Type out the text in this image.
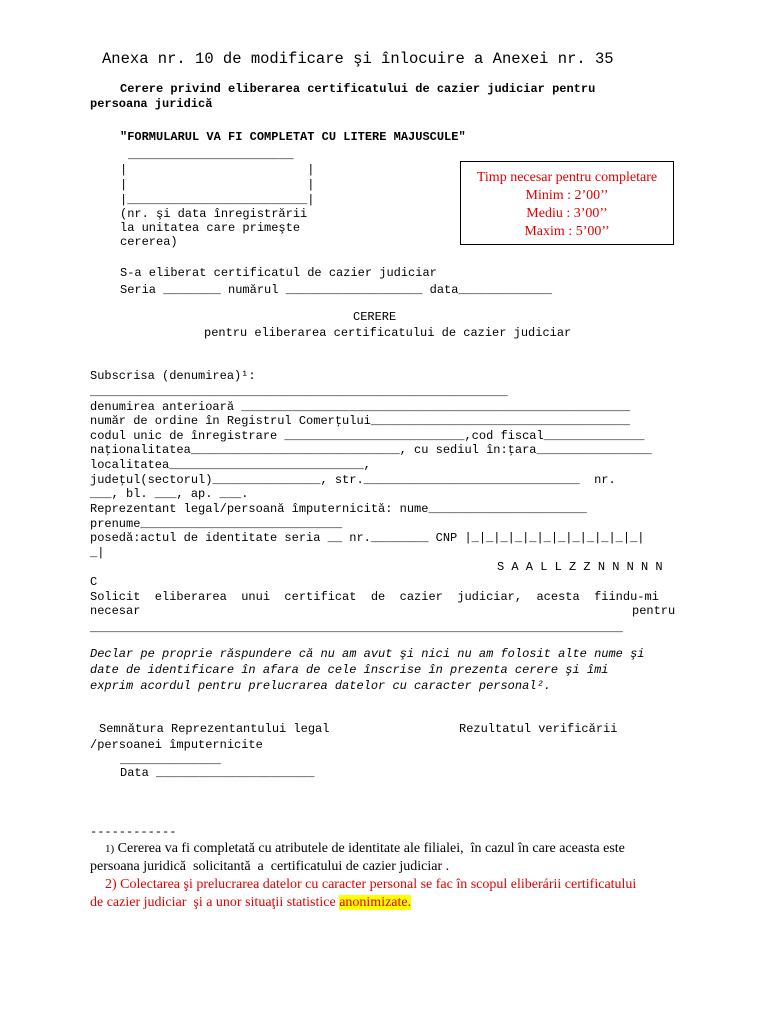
Anexa nr. 10 de modificare şi înlocuire a Anexei nr. 35
Cerere privind eliberarea certificatului de cazier judiciar pentru
persoana juridică
"FORMULARUL VA FI COMPLETAT CU LITERE MAJUSCULE"
_______________________
|                         |
|                         |
|_________________________|
(nr. şi data înregistrării
la unitatea care primeşte
cererea)
Timp necesar pentru completare
Minim : 2’00’’
Mediu : 3’00’’
Maxim : 5’00’’
S-a eliberat certificatul de cazier judiciar
Seria ________ numărul ___________________ data_____________
CERERE
pentru eliberarea certificatului de cazier judiciar
Subscrisa (denumirea)¹:
__________________________________________________________
denumirea anterioară ______________________________________________________
număr de ordine în Registrul Comerţului____________________________________
codul unic de înregistrare _________________________,cod fiscal______________
naţionalitatea_____________________________, cu sediul în:ţara________________
localitatea___________________________,
judeţul(sectorul)_______________, str.______________________________  nr.
___, bl. ___, ap. ___.
Reprezentant legal/persoană împuternicită: nume______________________
prenume____________________________
posedă:actul de identitate seria __ nr.________ CNP |_|_|_|_|_|_|_|_|_|_|_|_|
_|
S A A L L Z Z N N N N N
C
Solicit  eliberarea  unui  certificat  de  cazier  judiciar,  acesta  fiindu-mi
necesar	pentru
__________________________________________________________________________
Declar pe proprie răspundere că nu am avut şi nici nu am folosit alte nume şi
date de identificare în afara de cele înscrise în prezenta cerere şi îmi
exprim acordul pentru prelucrarea datelor cu caracter personal².
Semnătura Reprezentantului legal
/persoanei împuternicite
Rezultatul verificării
______________
Data ______________________
------------
1) Cererea va fi completată cu atributele de identitate ale filialei,  în cazul în care aceasta este
persoana juridică  solicitantă  a  certificatului de cazier judiciar .
2) Colectarea şi prelucrarea datelor cu caracter personal se fac în scopul eliberárii certificatului
de cazier judiciar  şi a unor situaţii statistice anonimizate.
